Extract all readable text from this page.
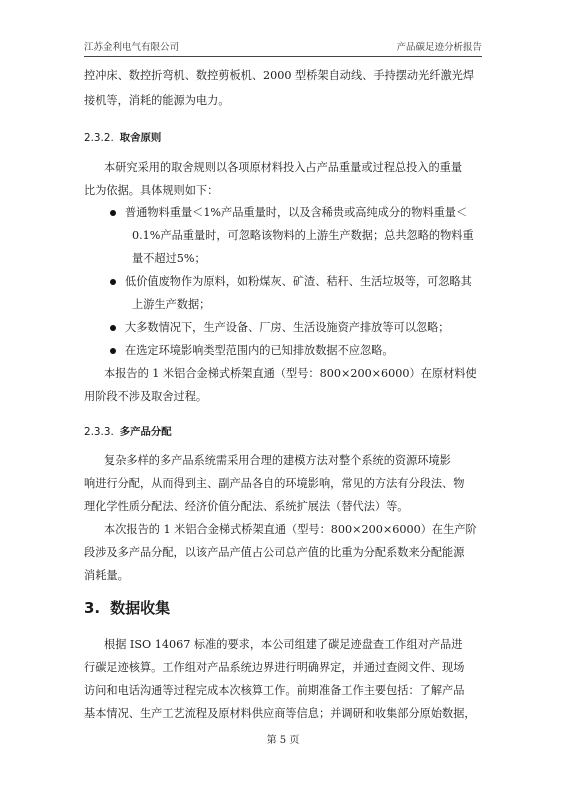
江苏金利电气有限公司	产品碳足迹分析报告
控冲床、数控折弯机、数控剪板机、2000 型桥架自动线、手持摆动光纤激光焊
接机等，消耗的能源为电力。
2.3.2. 取舍原则
本研究采用的取舍规则以各项原材料投入占产品重量或过程总投入的重量
比为依据。具体规则如下：
普通物料重量＜1%产品重量时，以及含稀贵或高纯成分的物料重量＜
0.1%产品重量时，可忽略该物料的上游生产数据；总共忽略的物料重
量不超过5%；
低价值废物作为原料，如粉煤灰、矿渣、秸秆、生活垃圾等，可忽略其
上游生产数据；
大多数情况下，生产设备、厂房、生活设施资产排放等可以忽略；
在选定环境影响类型范围内的已知排放数据不应忽略。
本报告的 1 米铝合金梯式桥架直通（型号：800×200×6000）在原材料使
用阶段不涉及取舍过程。
2.3.3. 多产品分配
复杂多样的多产品系统需采用合理的建模方法对整个系统的资源环境影
响进行分配，从而得到主、副产品各自的环境影响，常见的方法有分段法、物
理化学性质分配法、经济价值分配法、系统扩展法（替代法）等。
本次报告的 1 米铝合金梯式桥架直通（型号：800×200×6000）在生产阶
段涉及多产品分配，以该产品产值占公司总产值的比重为分配系数来分配能源
消耗量。
3. 数据收集
根据 ISO 14067 标准的要求，本公司组建了碳足迹盘查工作组对产品进
行碳足迹核算。工作组对产品系统边界进行明确界定，并通过查阅文件、现场
访问和电话沟通等过程完成本次核算工作。前期准备工作主要包括：了解产品
基本情况、生产工艺流程及原材料供应商等信息；并调研和收集部分原始数据，
第 5 页
